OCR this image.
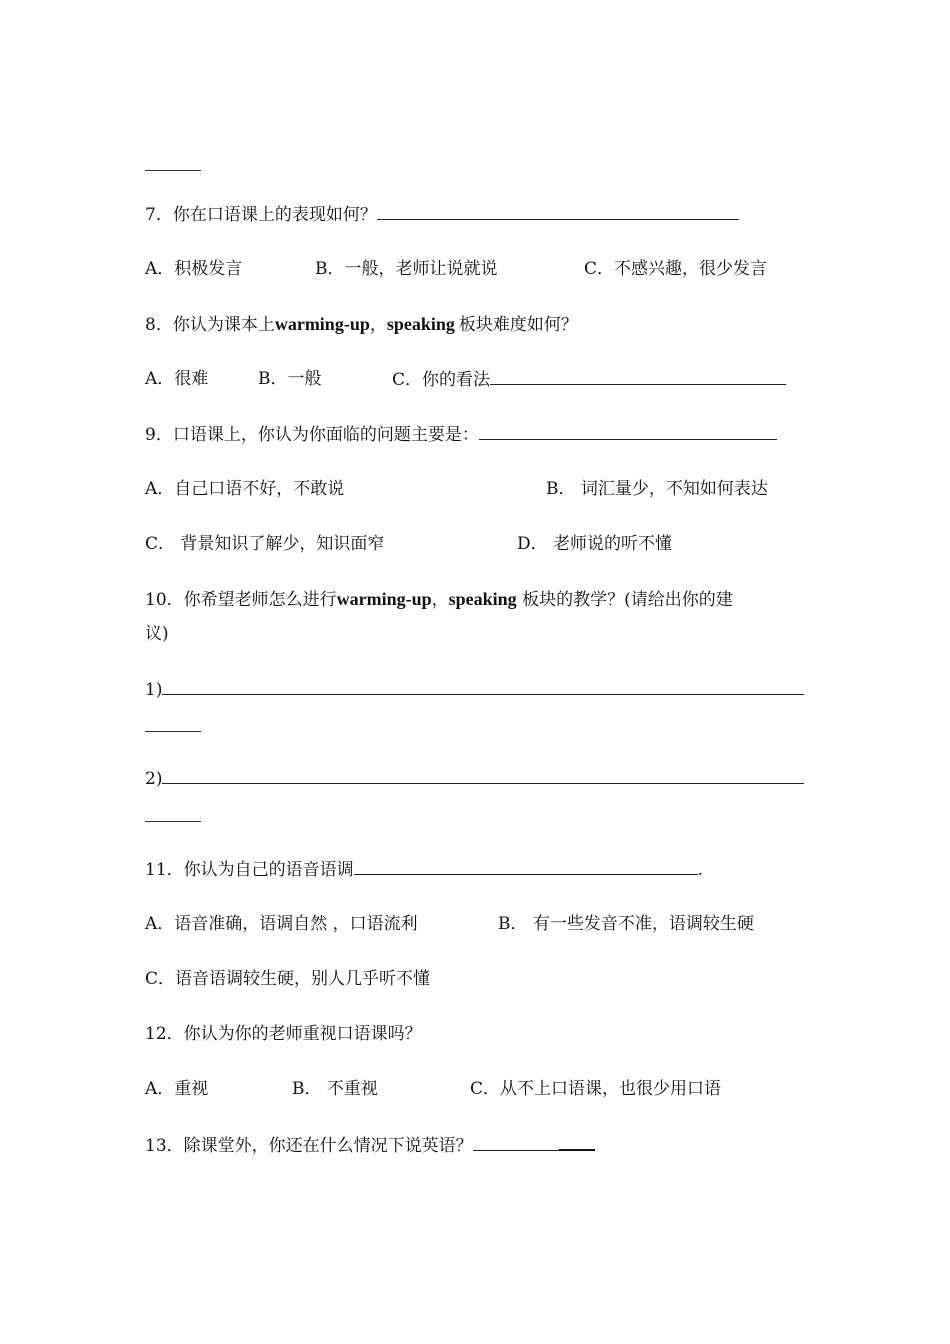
7．你在口语课上的表现如何？
A．积极发言	B．一般，老师让说就说	C．不感兴趣，很少发言
8．你认为课本上warming-up，speaking 板块难度如何？
A．很难	B．一般	C．你的看法
9．口语课上，你认为你面临的问题主要是：
A．自己口语不好，不敢说	B． 词汇量少，不知如何表达
C． 背景知识了解少，知识面窄	D． 老师说的听不懂
10．你希望老师怎么进行warming-up，speaking 板块的教学？(请给出你的建
议)
1)
2)
11．你认为自己的语音语调	.
A．语音准确，语调自然 ，口语流利	B． 有一些发音不准，语调较生硬
C．语音语调较生硬，别人几乎听不懂
12．你认为你的老师重视口语课吗？
A．重视	B． 不重视	C．从不上口语课，也很少用口语
13．除课堂外，你还在什么情况下说英语？
